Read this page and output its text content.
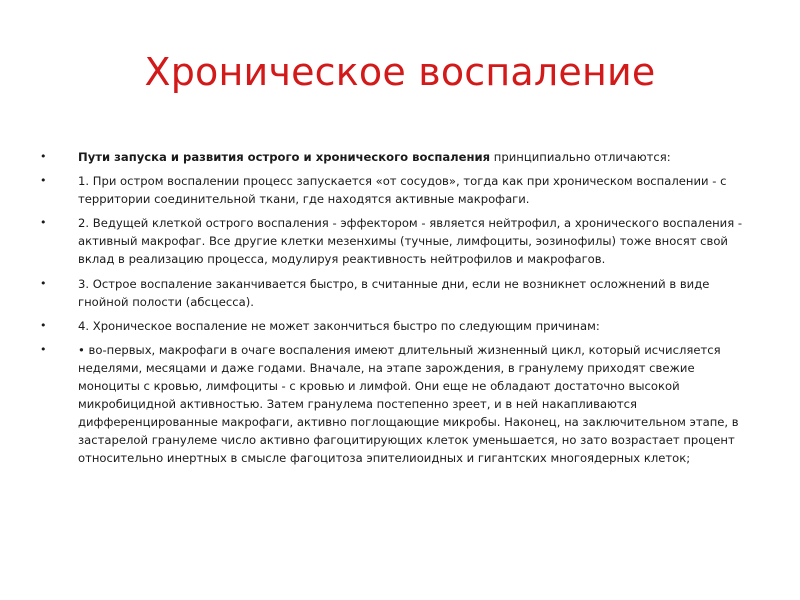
Хроническое воспаление
•	Пути запуска и развития острого и хронического воспаления принципиально отличаются:
•	1. При остром воспалении процесс запускается «от сосудов», тогда как при хроническом воспалении - с территории соединительной ткани, где находятся активные макрофаги.
•	2. Ведущей клеткой острого воспаления - эффектором - является нейтрофил, а хронического воспаления - активный макрофаг. Все другие клетки мезенхимы (тучные, лимфоциты, эозинофилы) тоже вносят свой вклад в реализацию процесса, модулируя реактивность нейтрофилов и макрофагов.
•	3. Острое воспаление заканчивается быстро, в считанные дни, если не возникнет осложнений в виде гнойной полости (абсцесса).
•	4. Хроническое воспаление не может закончиться быстро по следующим причинам:
•	• во-первых, макрофаги в очаге воспаления имеют длительный жизненный цикл, который исчисляется неделями, месяцами и даже годами. Вначале, на этапе зарождения, в гранулему приходят свежие моноциты с кровью, лимфоциты - с кровью и лимфой. Они еще не обладают достаточно высокой микробицидной активностью. Затем гранулема постепенно зреет, и в ней накапливаются дифференцированные макрофаги, активно поглощающие микробы. Наконец, на заключительном этапе, в застарелой гранулеме число активно фагоцитирующих клеток уменьшается, но зато возрастает процент относительно инертных в смысле фагоцитоза эпителиоидных и гигантских многоядерных клеток;
